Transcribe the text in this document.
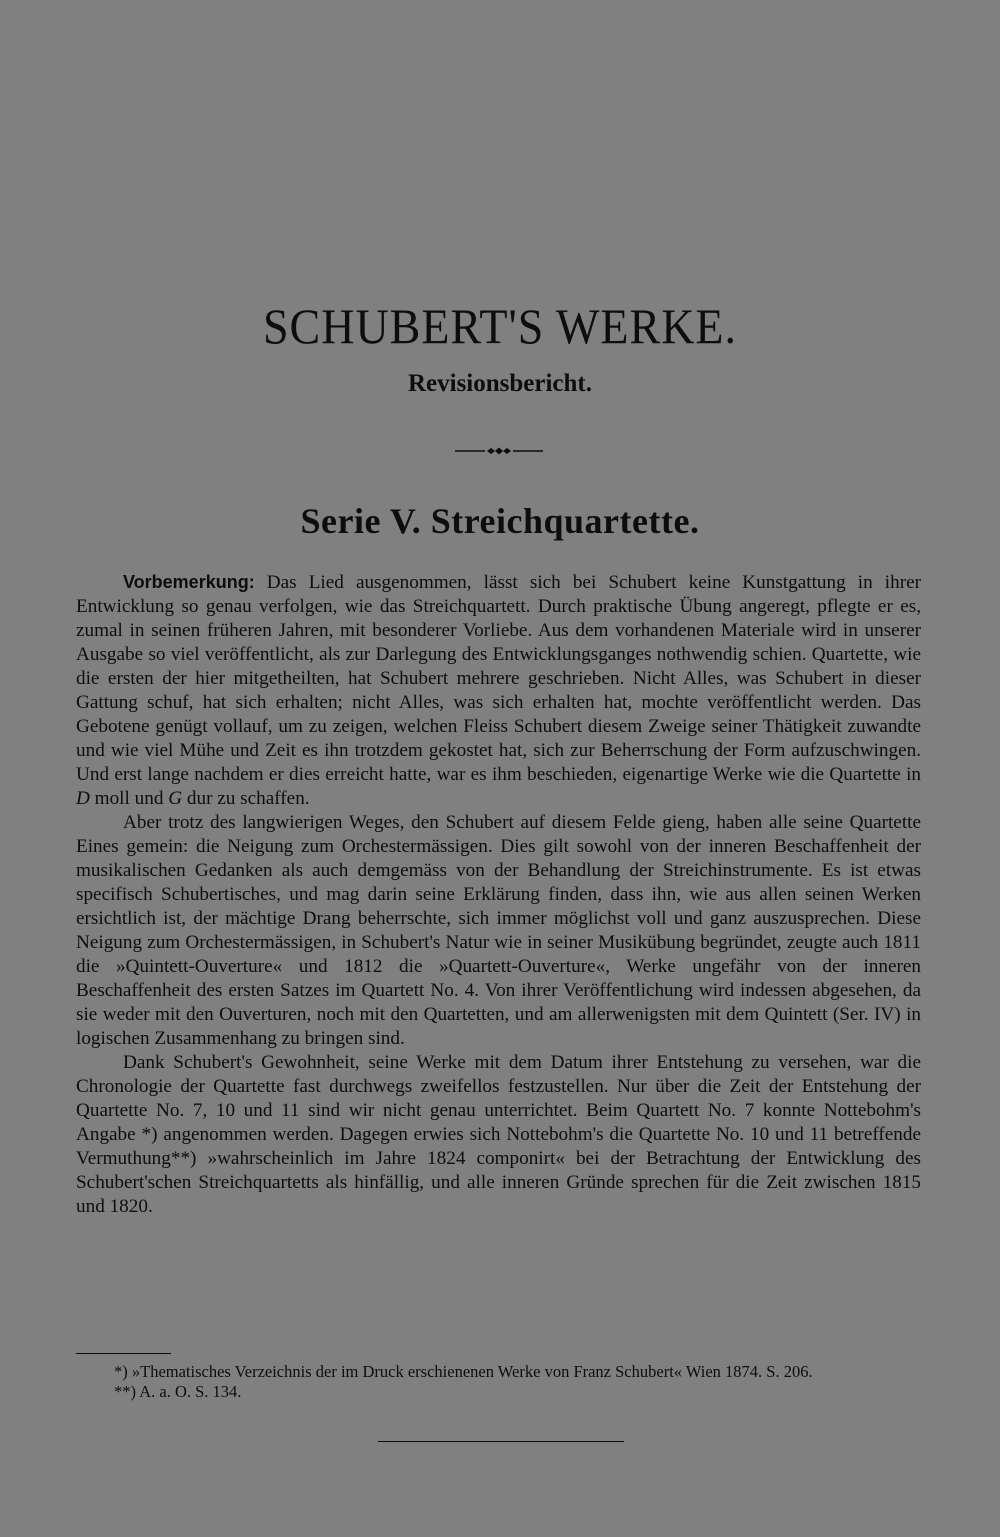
SCHUBERT'S WERKE.
Revisionsbericht.
Serie V. Streichquartette.

Vorbemerkung: Das Lied ausgenommen, lässt sich bei Schubert keine Kunstgattung in ihrer Entwicklung so genau verfolgen, wie das Streichquartett. Durch praktische Übung angeregt, pflegte er es, zumal in seinen früheren Jahren, mit besonderer Vorliebe. Aus dem vorhandenen Materiale wird in unserer Ausgabe so viel veröffentlicht, als zur Darlegung des Entwicklungsganges nothwendig schien. Quartette, wie die ersten der hier mitgetheilten, hat Schubert mehrere geschrieben. Nicht Alles, was Schubert in dieser Gattung schuf, hat sich erhalten; nicht Alles, was sich erhalten hat, mochte veröffentlicht werden. Das Gebotene genügt vollauf, um zu zeigen, welchen Fleiss Schubert diesem Zweige seiner Thätigkeit zuwandte und wie viel Mühe und Zeit es ihn trotzdem gekostet hat, sich zur Beherrschung der Form aufzuschwingen. Und erst lange nachdem er dies erreicht hatte, war es ihm beschieden, eigenartige Werke wie die Quartette in D moll und G dur zu schaffen.

Aber trotz des langwierigen Weges, den Schubert auf diesem Felde gieng, haben alle seine Quartette Eines gemein: die Neigung zum Orchestermässigen. Dies gilt sowohl von der inneren Beschaffenheit der musikalischen Gedanken als auch demgemäss von der Behandlung der Streichinstrumente. Es ist etwas specifisch Schubertisches, und mag darin seine Erklärung finden, dass ihn, wie aus allen seinen Werken ersichtlich ist, der mächtige Drang beherrschte, sich immer möglichst voll und ganz auszusprechen. Diese Neigung zum Orchestermässigen, in Schubert's Natur wie in seiner Musikübung begründet, zeugte auch 1811 die »Quintett-Ouverture« und 1812 die »Quartett-Ouverture«, Werke ungefähr von der inneren Beschaffenheit des ersten Satzes im Quartett No. 4. Von ihrer Veröffentlichung wird indessen abgesehen, da sie weder mit den Ouverturen, noch mit den Quartetten, und am allerwenigsten mit dem Quintett (Ser. IV) in logischen Zusammenhang zu bringen sind.

Dank Schubert's Gewohnheit, seine Werke mit dem Datum ihrer Entstehung zu versehen, war die Chronologie der Quartette fast durchwegs zweifellos festzustellen. Nur über die Zeit der Entstehung der Quartette No. 7, 10 und 11 sind wir nicht genau unterrichtet. Beim Quartett No. 7 konnte Nottebohm's Angabe *) angenommen werden. Dagegen erwies sich Nottebohm's die Quartette No. 10 und 11 betreffende Vermuthung**) »wahrscheinlich im Jahre 1824 componirt« bei der Betrachtung der Entwicklung des Schubert'schen Streichquartetts als hinfällig, und alle inneren Gründe sprechen für die Zeit zwischen 1815 und 1820.

*) »Thematisches Verzeichnis der im Druck erschienenen Werke von Franz Schubert« Wien 1874. S. 206.

**) A. a. O. S. 134.
